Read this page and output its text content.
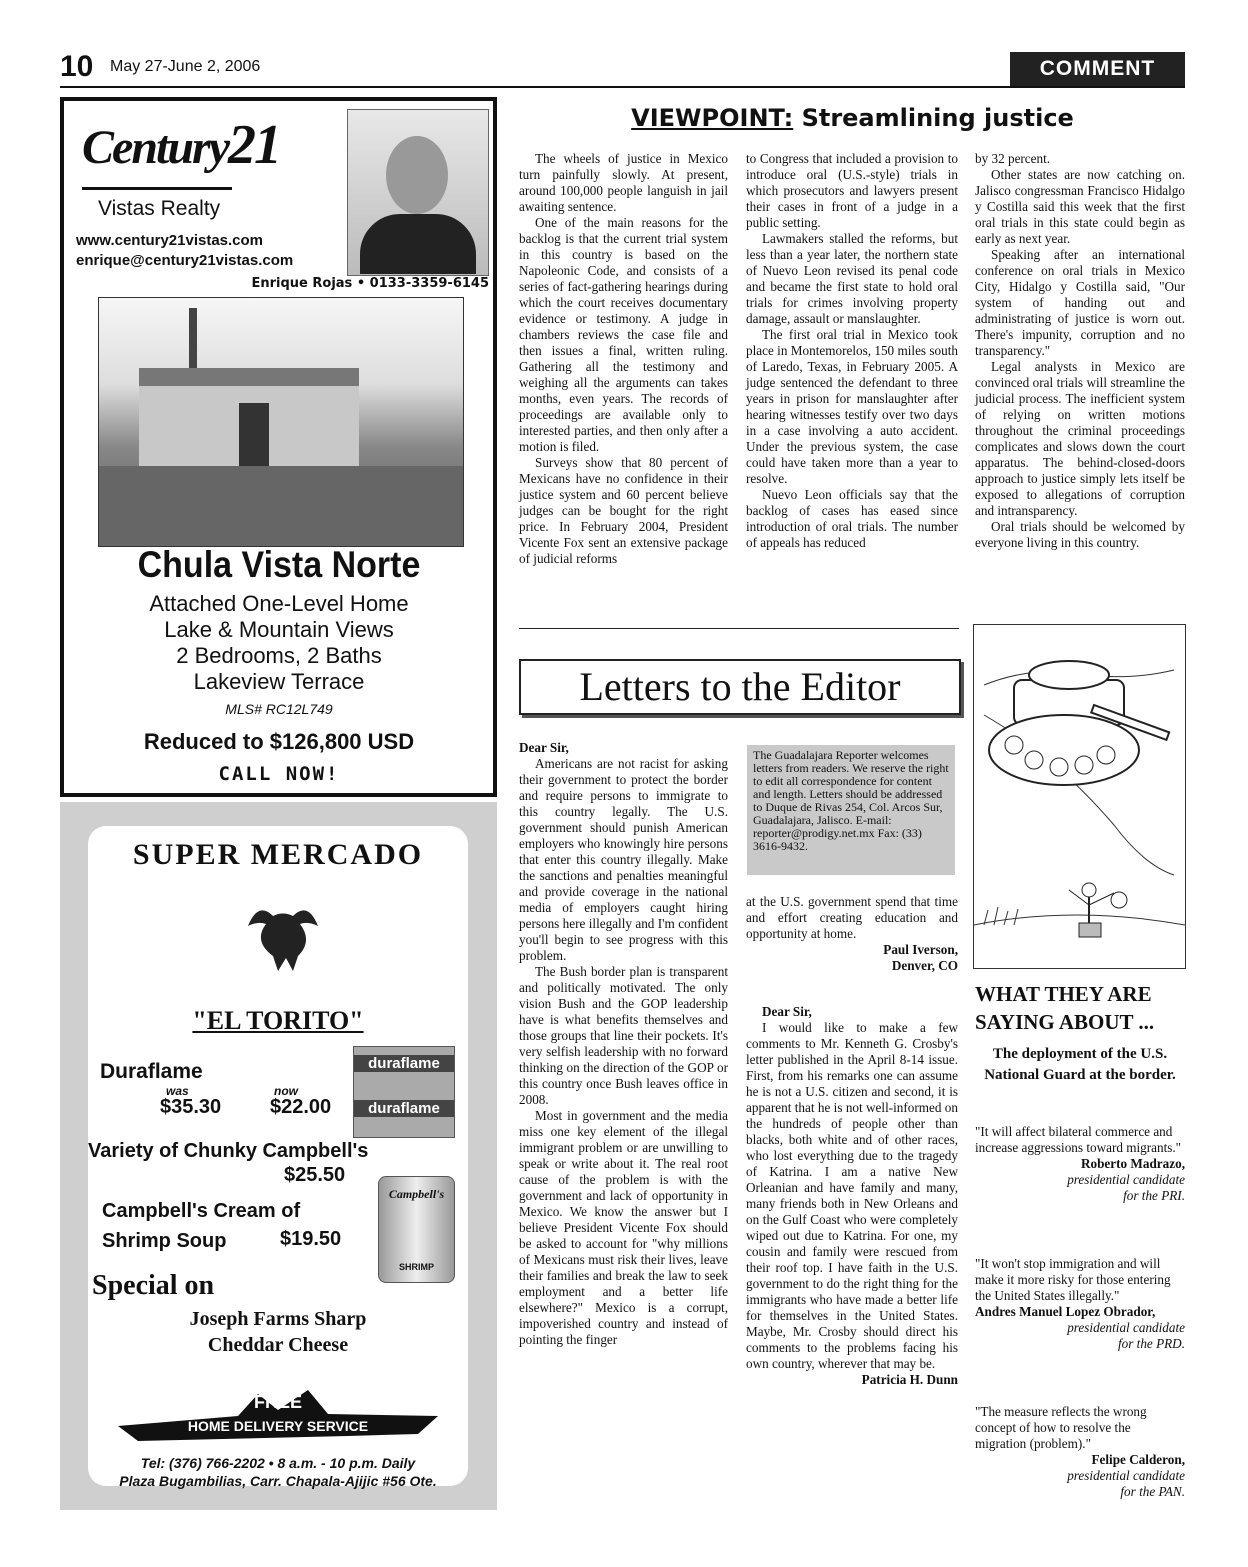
10 May 27-June 2, 2006	COMMENT
Century21
Vistas Realty
www.century21vistas.com
enrique@century21vistas.com
Enrique Rojas • 0133-3359-6145
Chula Vista Norte
Attached One-Level Home
Lake & Mountain Views
2 Bedrooms, 2 Baths
Lakeview Terrace
MLS# RC12L749
Reduced to $126,800 USD
CALL NOW!
SUPER MERCADO
"EL TORITO"
Duraflame
was
$35.30
now
$22.00
duraflame
duraflame
Variety of Chunky Campbell's
$25.50
Campbell's Cream of
Shrimp Soup	$19.50
Campbell's
SHRIMP
Special on
Joseph Farms Sharp
Cheddar Cheese
FREE
HOME DELIVERY SERVICE
Tel: (376) 766-2202 • 8 a.m. - 10 p.m. Daily
Plaza Bugambilias, Carr. Chapala-Ajijic #56 Ote.
VIEWPOINT: Streamlining justice

The wheels of justice in Mexico turn painfully slowly. At present, around 100,000 people languish in jail awaiting sentence.

One of the main reasons for the backlog is that the current trial system in this country is based on the Napoleonic Code, and consists of a series of fact-gathering hearings during which the court receives documentary evidence or testimony. A judge in chambers reviews the case file and then issues a final, written ruling. Gathering all the testimony and weighing all the arguments can takes months, even years. The records of proceedings are available only to interested parties, and then only after a motion is filed.

Surveys show that 80 percent of Mexicans have no confidence in their justice system and 60 percent believe judges can be bought for the right price. In February 2004, President Vicente Fox sent an extensive package of judicial reforms

to Congress that included a provision to introduce oral (U.S.-style) trials in which prosecutors and lawyers present their cases in front of a judge in a public setting.

Lawmakers stalled the reforms, but less than a year later, the northern state of Nuevo Leon revised its penal code and became the first state to hold oral trials for crimes involving property damage, assault or manslaughter.

The first oral trial in Mexico took place in Montemorelos, 150 miles south of Laredo, Texas, in February 2005. A judge sentenced the defendant to three years in prison for manslaughter after hearing witnesses testify over two days in a case involving a auto accident. Under the previous system, the case could have taken more than a year to resolve.

Nuevo Leon officials say that the backlog of cases has eased since introduction of oral trials. The number of appeals has reduced

by 32 percent.

Other states are now catching on. Jalisco congressman Francisco Hidalgo y Costilla said this week that the first oral trials in this state could begin as early as next year.

Speaking after an international conference on oral trials in Mexico City, Hidalgo y Costilla said, "Our system of handing out and administrating of justice is worn out. There's impunity, corruption and no transparency."

Legal analysts in Mexico are convinced oral trials will streamline the judicial process. The inefficient system of relying on written motions throughout the criminal proceedings complicates and slows down the court apparatus. The behind-closed-doors approach to justice simply lets itself be exposed to allegations of corruption and intransparency.

Oral trials should be welcomed by everyone living in this country.

Letters to the Editor

Dear Sir,

Americans are not racist for asking their government to protect the border and require persons to immigrate to this country legally. The U.S. government should punish American employers who knowingly hire persons that enter this country illegally. Make the sanctions and penalties meaningful and provide coverage in the national media of employers caught hiring persons here illegally and I'm confident you'll begin to see progress with this problem.

The Bush border plan is transparent and politically motivated. The only vision Bush and the GOP leadership have is what benefits themselves and those groups that line their pockets. It's very selfish leadership with no forward thinking on the direction of the GOP or this country once Bush leaves office in 2008.

Most in government and the media miss one key element of the illegal immigrant problem or are unwilling to speak or write about it. The real root cause of the problem is with the government and lack of opportunity in Mexico. We know the answer but I believe President Vicente Fox should be asked to account for "why millions of Mexicans must risk their lives, leave their families and break the law to seek employment and a better life elsewhere?" Mexico is a corrupt, impoverished country and instead of pointing the finger

The Guadalajara Reporter welcomes letters from readers. We reserve the right to edit all correspondence for content and length. Letters should be addressed to Duque de Rivas 254, Col. Arcos Sur, Guadalajara, Jalisco. E-mail: reporter@prodigy.net.mx Fax: (33) 3616-9432.

at the U.S. government spend that time and effort creating education and opportunity at home.

Paul Iverson,

Denver, CO

Dear Sir,

I would like to make a few comments to Mr. Kenneth G. Crosby's letter published in the April 8-14 issue. First, from his remarks one can assume he is not a U.S. citizen and second, it is apparent that he is not well-informed on the hundreds of people other than blacks, both white and of other races, who lost everything due to the tragedy of Katrina. I am a native New Orleanian and have family and many, many friends both in New Orleans and on the Gulf Coast who were completely wiped out due to Katrina. For one, my cousin and family were rescued from their roof top. I have faith in the U.S. government to do the right thing for the immigrants who have made a better life for themselves in the United States. Maybe, Mr. Crosby should direct his comments to the problems facing his own country, wherever that may be.

Patricia H. Dunn

WHAT THEY ARE SAYING ABOUT ...
The deployment of the U.S. National Guard at the border.
"It will affect bilateral commerce and increase aggressions toward migrants."
Roberto Madrazo,
presidential candidate
for the PRI.
"It won't stop immigration and will make it more risky for those entering the United States illegally."
Andres Manuel Lopez Obrador,
presidential candidate
for the PRD.
"The measure reflects the wrong concept of how to resolve the migration (problem)."
Felipe Calderon,
presidential candidate
for the PAN.
